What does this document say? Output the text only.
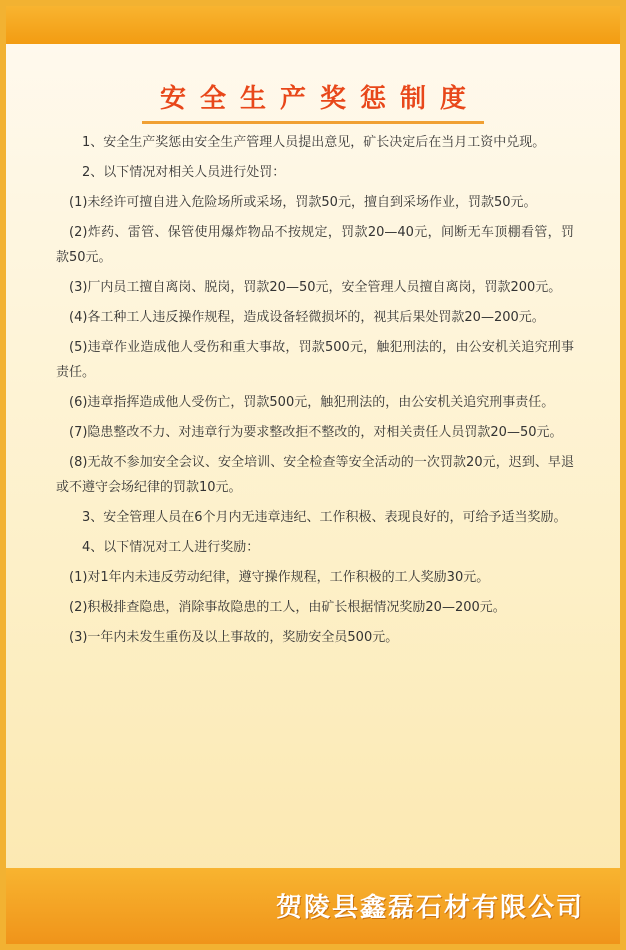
安全生产奖惩制度

1、安全生产奖惩由安全生产管理人员提出意见，矿长决定后在当月工资中兑现。

2、以下情况对相关人员进行处罚：

(1)未经许可擅自进入危险场所或采场，罚款50元，擅自到采场作业，罚款50元。

(2)炸药、雷管、保管使用爆炸物品不按规定，罚款20—40元，间断无车顶棚看管，罚款50元。

(3)厂内员工擅自离岗、脱岗，罚款20—50元，安全管理人员擅自离岗，罚款200元。

(4)各工种工人违反操作规程，造成设备轻微损坏的，视其后果处罚款20—200元。

(5)违章作业造成他人受伤和重大事故，罚款500元，触犯刑法的，由公安机关追究刑事责任。

(6)违章指挥造成他人受伤亡，罚款500元，触犯刑法的，由公安机关追究刑事责任。

(7)隐患整改不力、对违章行为要求整改拒不整改的，对相关责任人员罚款20—50元。

(8)无故不参加安全会议、安全培训、安全检查等安全活动的一次罚款20元，迟到、早退或不遵守会场纪律的罚款10元。

3、安全管理人员在6个月内无违章违纪、工作积极、表现良好的，可给予适当奖励。

4、以下情况对工人进行奖励：

(1)对1年内未违反劳动纪律，遵守操作规程，工作积极的工人奖励30元。

(2)积极排查隐患，消除事故隐患的工人，由矿长根据情况奖励20—200元。

(3)一年内未发生重伤及以上事故的，奖励安全员500元。

贺陵县鑫磊石材有限公司
